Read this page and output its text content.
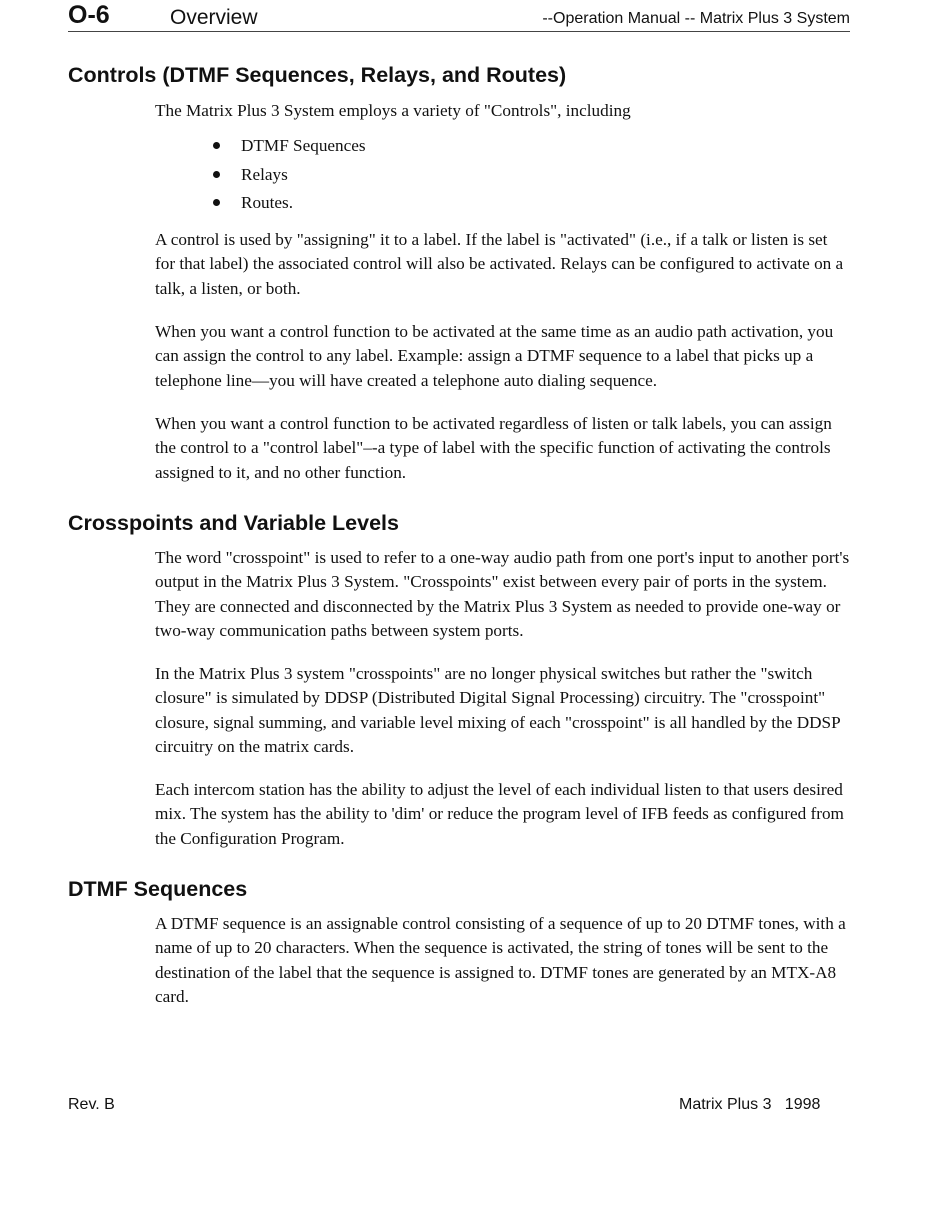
O-6	Overview	--Operation Manual -- Matrix Plus 3 System
Controls (DTMF Sequences, Relays, and Routes)

The Matrix Plus 3 System employs a variety of "Controls", including

DTMF Sequences
Relays
Routes.

A control is used by "assigning" it to a label. If the label is "activated" (i.e., if a talk or listen is set for that label) the associated control will also be activated. Relays can be configured to activate on a talk, a listen, or both.

When you want a control function to be activated at the same time as an audio path activation, you can assign the control to any label. Example: assign a DTMF sequence to a label that picks up a telephone line—you will have created a telephone auto dialing sequence.

When you want a control function to be activated regardless of listen or talk labels, you can assign the control to a "control label"–-a type of label with the specific function of activating the controls assigned to it, and no other function.

Crosspoints and Variable Levels

The word "crosspoint" is used to refer to a one-way audio path from one port's input to another port's output in the Matrix Plus 3 System. "Crosspoints" exist between every pair of ports in the system. They are connected and disconnected by the Matrix Plus 3 System as needed to provide one-way or two-way communication paths between system ports.

In the Matrix Plus 3 system "crosspoints" are no longer physical switches but rather the "switch closure" is simulated by DDSP (Distributed Digital Signal Processing) circuitry. The "crosspoint" closure, signal summing, and variable level mixing of each "crosspoint" is all handled by the DDSP circuitry on the matrix cards.

Each intercom station has the ability to adjust the level of each individual listen to that users desired mix. The system has the ability to 'dim' or reduce the program level of IFB feeds as configured from the Configuration Program.

DTMF Sequences

A DTMF sequence is an assignable control consisting of a sequence of up to 20 DTMF tones, with a name of up to 20 characters. When the sequence is activated, the string of tones will be sent to the destination of the label that the sequence is assigned to. DTMF tones are generated by an MTX-A8 card.

Rev. B	Matrix Plus 3   1998
